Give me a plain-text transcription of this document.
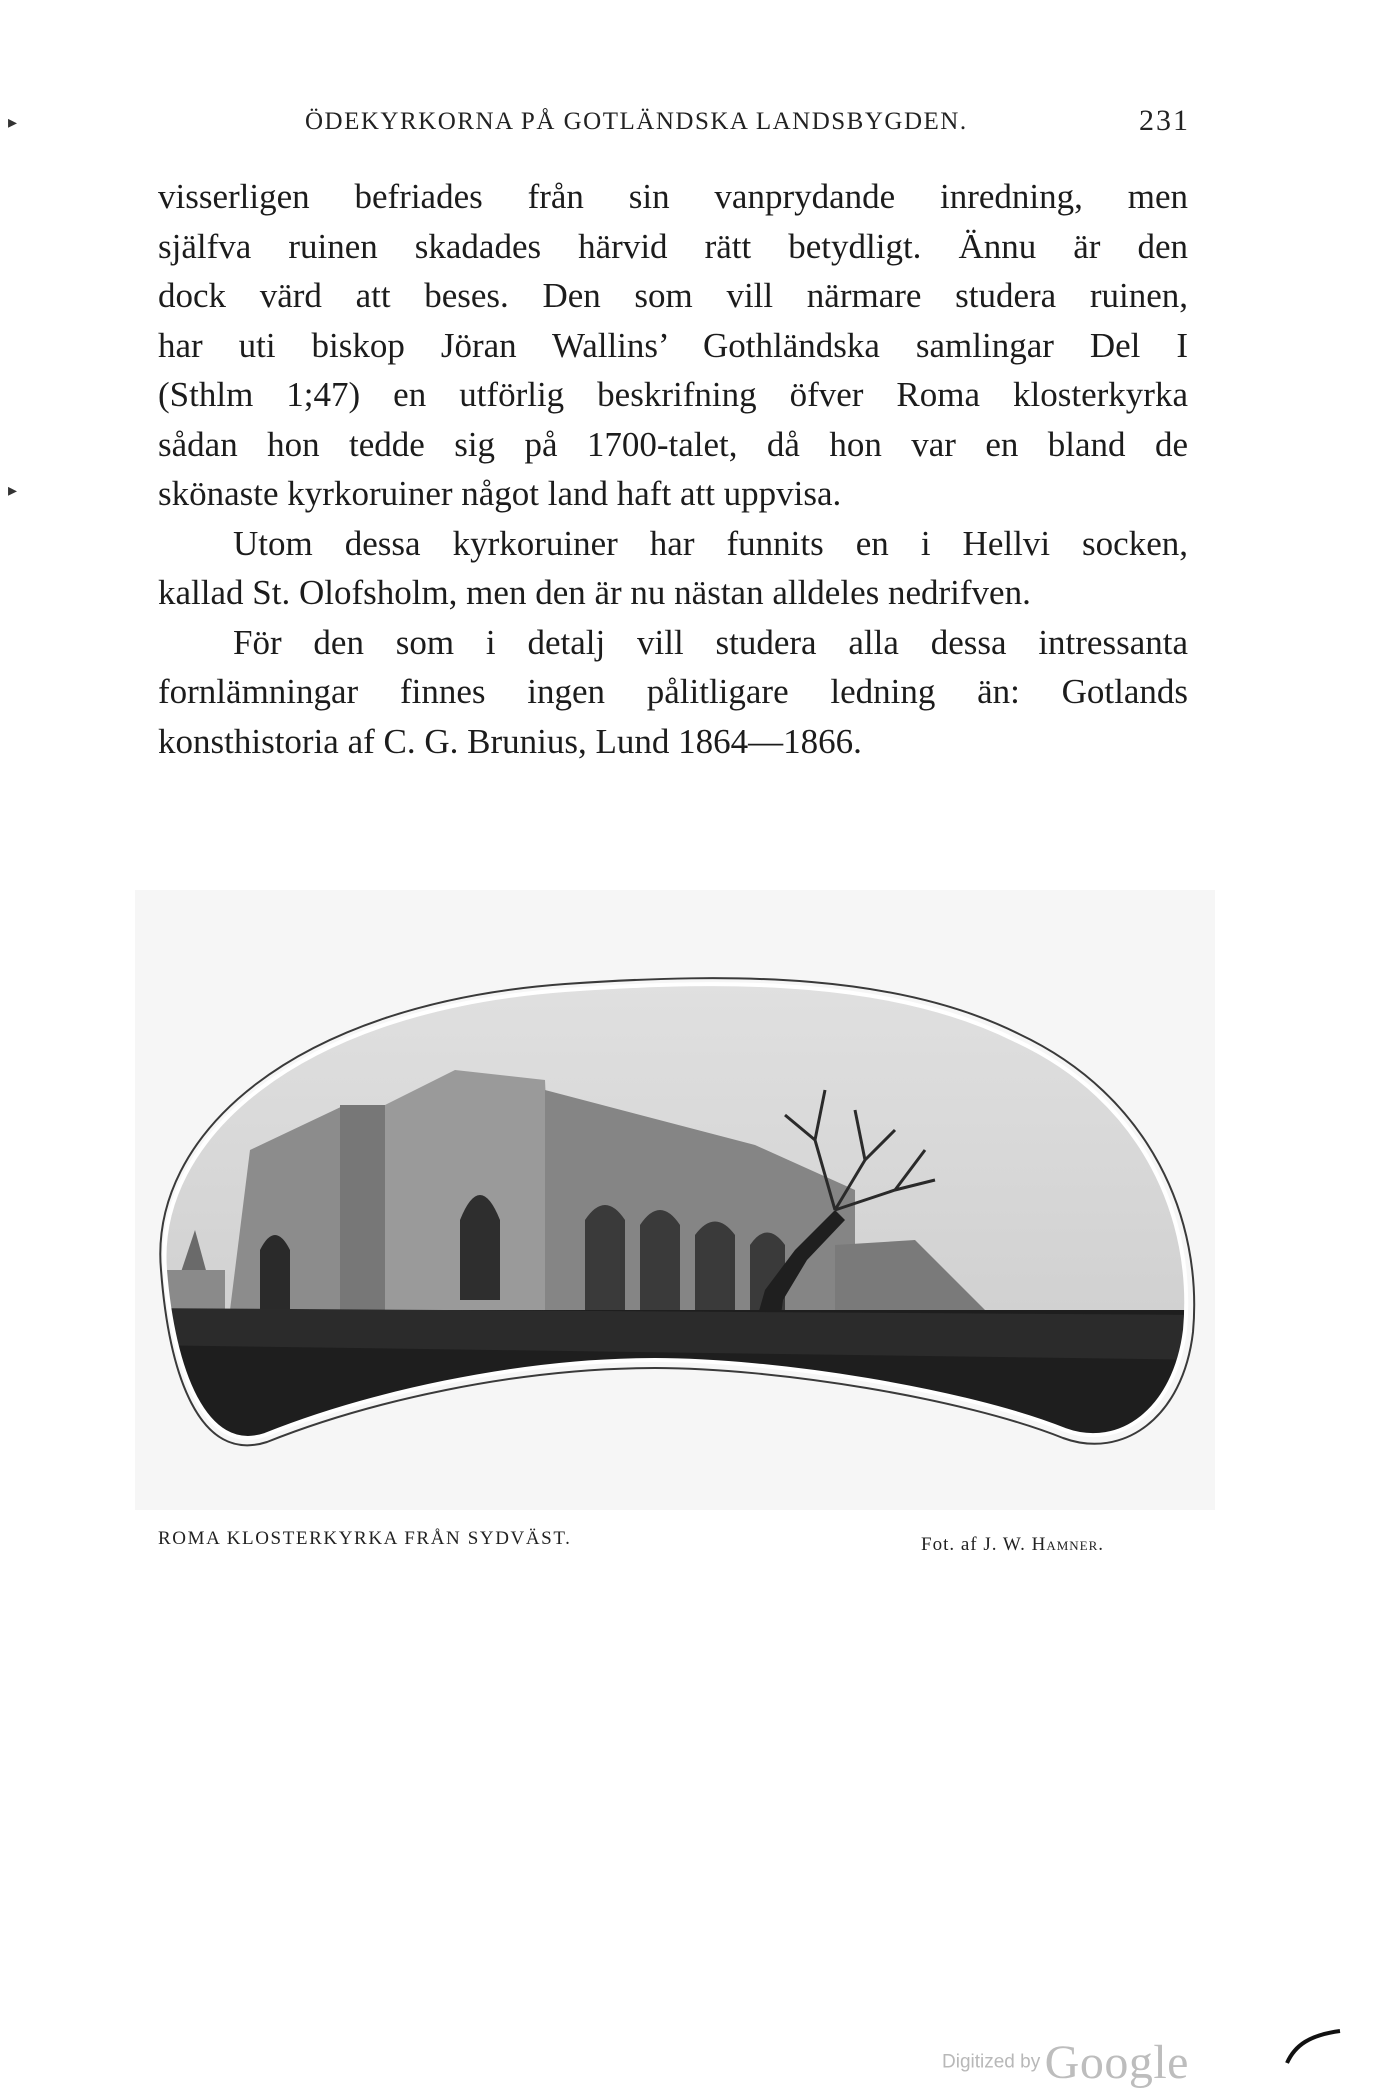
▸
▸
ÖDEKYRKORNA PÅ GOTLÄNDSKA LANDSBYGDEN.	231

visserligen befriades från sin vanprydande inredning, men
själfva ruinen skadades härvid rätt betydligt. Ännu är den
dock värd att beses. Den som vill närmare studera ruinen,
har uti biskop Jöran Wallins’ Gothländska samlingar Del I
(Sthlm 1;47) en utförlig beskrifning öfver Roma klosterkyrka
sådan hon tedde sig på 1700-talet, då hon var en bland de
skönaste kyrkoruiner något land haft att uppvisa.

Utom dessa kyrkoruiner har funnits en i Hellvi socken,
kallad St. Olofsholm, men den är nu nästan alldeles nedrifven.

För den som i detalj vill studera alla dessa intressanta
fornlämningar finnes ingen pålitligare ledning än: Gotlands
konsthistoria af C. G. Brunius, Lund 1864—1866.

ROMA KLOSTERKYRKA FRÅN SYDVÄST.	Fot. af J. W. Hamner.
Digitized by Google
